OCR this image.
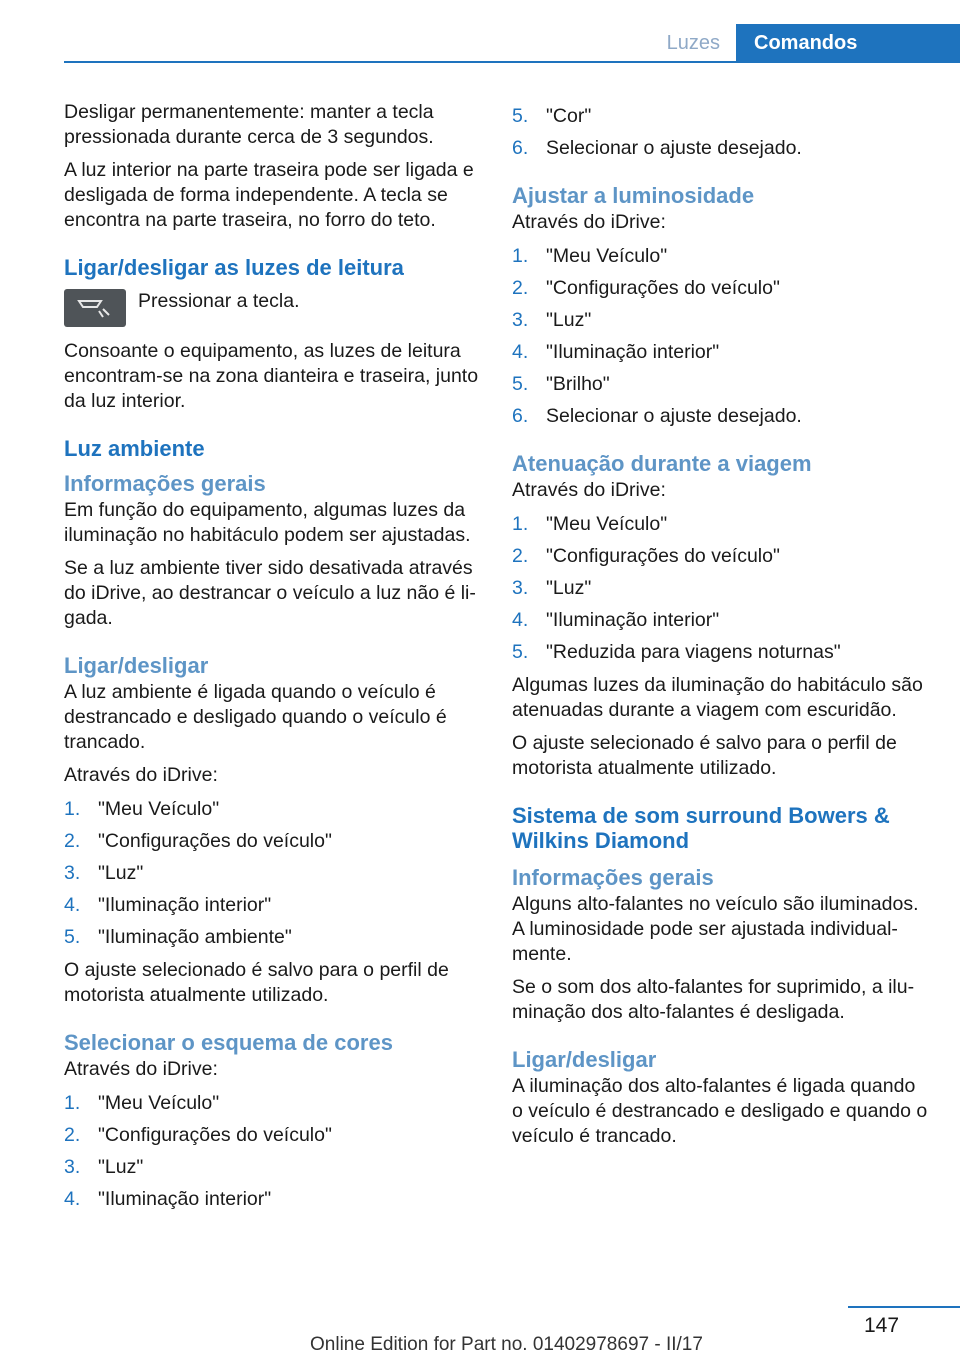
Luzes	Comandos

Desligar permanentemente: manter a tecla pressionada durante cerca de 3 segundos.

A luz interior na parte traseira pode ser ligada e desligada de forma independente. A tecla se encontra na parte traseira, no forro do teto.

Ligar/desligar as luzes de leitura

Pressionar a tecla.

Consoante o equipamento, as luzes de leitura encontram-se na zona dianteira e traseira, junto da luz interior.

Luz ambiente
Informações gerais

Em função do equipamento, algumas luzes da iluminação no habitáculo podem ser ajustadas.

Se a luz ambiente tiver sido desativada através do iDrive, ao destrancar o veículo a luz não é ligada.

Ligar/desligar

A luz ambiente é ligada quando o veículo é destrancado e desligado quando o veículo é trancado.

Através do iDrive:

1. "Meu Veículo"
2. "Configurações do veículo"
3. "Luz"
4. "Iluminação interior"
5. "Iluminação ambiente"

O ajuste selecionado é salvo para o perfil de motorista atualmente utilizado.

Selecionar o esquema de cores

Através do iDrive:

1. "Meu Veículo"
2. "Configurações do veículo"
3. "Luz"
4. "Iluminação interior"
5. "Cor"
6. Selecionar o ajuste desejado.
Ajustar a luminosidade

Através do iDrive:

1. "Meu Veículo"
2. "Configurações do veículo"
3. "Luz"
4. "Iluminação interior"
5. "Brilho"
6. Selecionar o ajuste desejado.
Atenuação durante a viagem

Através do iDrive:

1. "Meu Veículo"
2. "Configurações do veículo"
3. "Luz"
4. "Iluminação interior"
5. "Reduzida para viagens noturnas"

Algumas luzes da iluminação do habitáculo são atenuadas durante a viagem com escuridão.

O ajuste selecionado é salvo para o perfil de motorista atualmente utilizado.

Sistema de som surround Bowers & Wilkins Diamond
Informações gerais

Alguns alto-falantes no veículo são iluminados. A luminosidade pode ser ajustada individualmente.

Se o som dos alto-falantes for suprimido, a iluminação dos alto-falantes é desligada.

Ligar/desligar

A iluminação dos alto-falantes é ligada quando o veículo é destrancado e desligado e quando o veículo é trancado.

147
Online Edition for Part no. 01402978697 - II/17
